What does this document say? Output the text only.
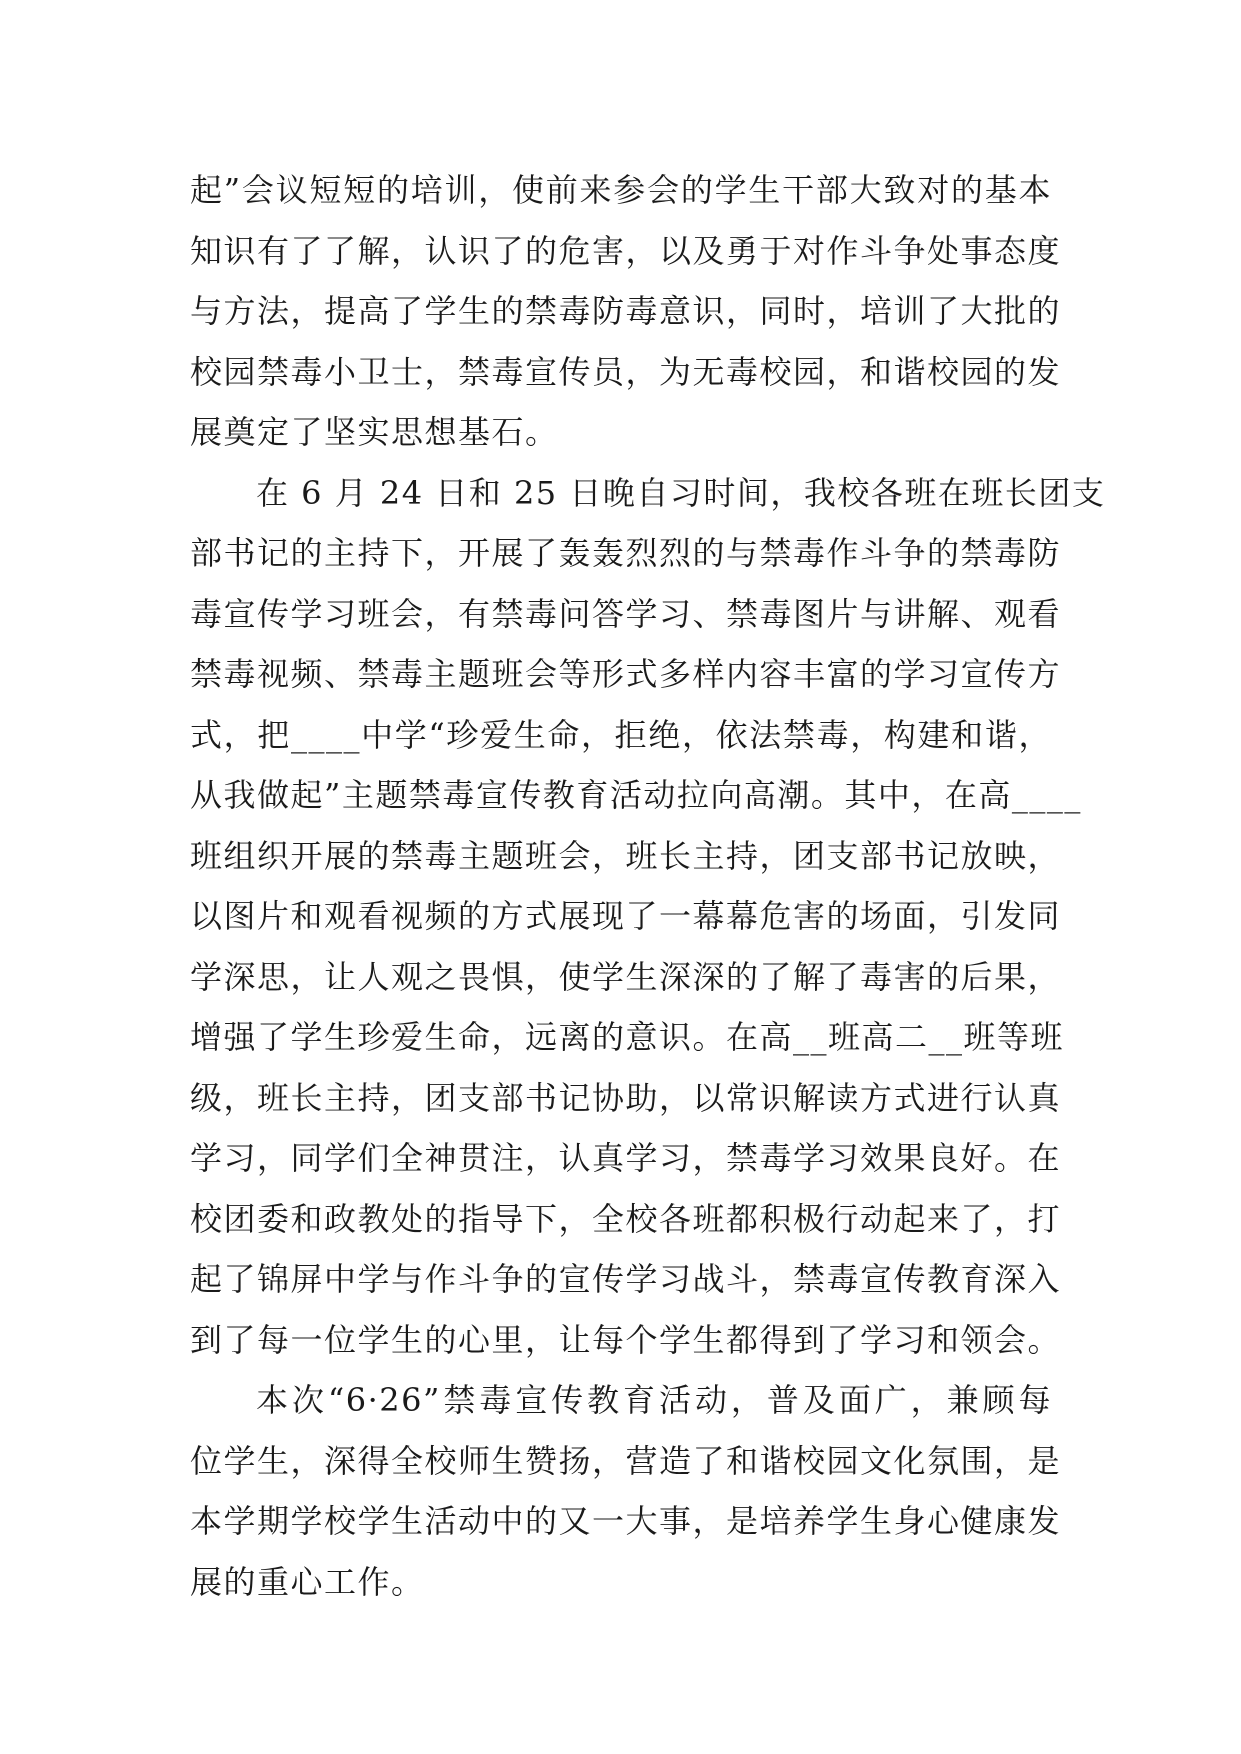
起”会议短短的培训，使前来参会的学生干部大致对的基本
知识有了了解，认识了的危害，以及勇于对作斗争处事态度
与方法，提高了学生的禁毒防毒意识，同时，培训了大批的
校园禁毒小卫士，禁毒宣传员，为无毒校园，和谐校园的发
展奠定了坚实思想基石。
在 6 月 24 日和 25 日晚自习时间，我校各班在班长团支
部书记的主持下，开展了轰轰烈烈的与禁毒作斗争的禁毒防
毒宣传学习班会，有禁毒问答学习、禁毒图片与讲解、观看
禁毒视频、禁毒主题班会等形式多样内容丰富的学习宣传方
式，把____中学“珍爱生命，拒绝，依法禁毒，构建和谐，
从我做起”主题禁毒宣传教育活动拉向高潮。其中，在高____
班组织开展的禁毒主题班会，班长主持，团支部书记放映，
以图片和观看视频的方式展现了一幕幕危害的场面，引发同
学深思，让人观之畏惧，使学生深深的了解了毒害的后果，
增强了学生珍爱生命，远离的意识。在高__班高二__班等班
级，班长主持，团支部书记协助，以常识解读方式进行认真
学习，同学们全神贯注，认真学习，禁毒学习效果良好。在
校团委和政教处的指导下，全校各班都积极行动起来了，打
起了锦屏中学与作斗争的宣传学习战斗，禁毒宣传教育深入
到了每一位学生的心里，让每个学生都得到了学习和领会。
本次“6·26”禁毒宣传教育活动，普及面广，兼顾每
位学生，深得全校师生赞扬，营造了和谐校园文化氛围，是
本学期学校学生活动中的又一大事，是培养学生身心健康发
展的重心工作。
